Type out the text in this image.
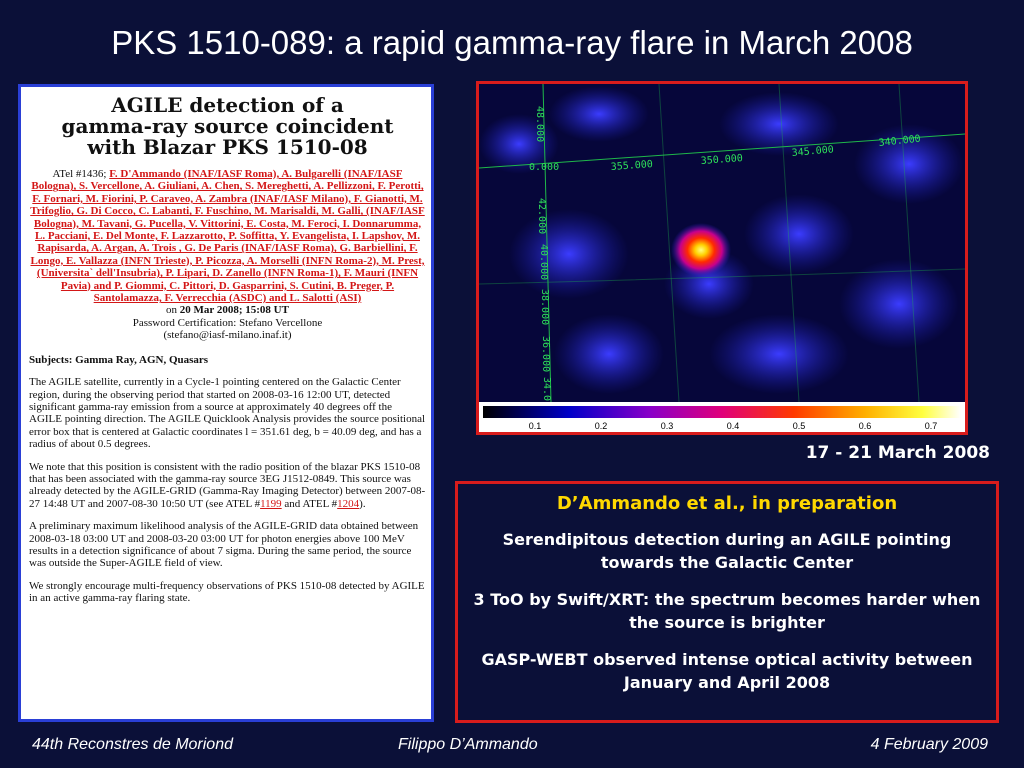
PKS 1510-089: a rapid gamma-ray flare in March 2008
AGILE detection of a
gamma-ray source coincident
with Blazar PKS 1510-08
ATel #1436; F. D'Ammando (INAF/IASF Roma), A. Bulgarelli (INAF/IASF Bologna), S. Vercellone, A. Giuliani, A. Chen, S. Mereghetti, A. Pellizzoni, F. Perotti, F. Fornari, M. Fiorini, P. Caraveo, A. Zambra (INAF/IASF Milano), F. Gianotti, M. Trifoglio, G. Di Cocco, C. Labanti, F. Fuschino, M. Marisaldi, M. Galli, (INAF/IASF Bologna), M. Tavani, G. Pucella, V. Vittorini, E. Costa, M. Feroci, I. Donnarumma, L. Pacciani, E. Del Monte, F. Lazzarotto, P. Soffitta, Y. Evangelista, I. Lapshov, M. Rapisarda, A. Argan, A. Trois , G. De Paris (INAF/IASF Roma), G. Barbiellini, F. Longo, E. Vallazza (INFN Trieste), P. Picozza, A. Morselli (INFN Roma-2), M. Prest, (Universita` dell'Insubria), P. Lipari, D. Zanello (INFN Roma-1), F. Mauri (INFN Pavia) and P. Giommi, C. Pittori, D. Gasparrini, S. Cutini, B. Preger, P. Santolamazza, F. Verrecchia (ASDC) and L. Salotti (ASI)
on 20 Mar 2008; 15:08 UT
Password Certification: Stefano Vercellone
(stefano@iasf-milano.inaf.it)
Subjects: Gamma Ray, AGN, Quasars

The AGILE satellite, currently in a Cycle-1 pointing centered on the Galactic Center region, during the observing period that started on 2008-03-16 12:00 UT, detected significant gamma-ray emission from a source at approximately 40 degrees off the AGILE pointing direction. The AGILE Quicklook Analysis provides the source positional error box that is centered at Galactic coordinates l = 351.61 deg, b = 40.09 deg, and has a radius of about 0.5 degrees.

We note that this position is consistent with the radio position of the blazar PKS 1510-08 that has been associated with the gamma-ray source 3EG J1512-0849. This source was already detected by the AGILE-GRID (Gamma-Ray Imaging Detector) between 2007-08-27 14:48 UT and 2007-08-30 10:50 UT (see ATEL #1199 and ATEL #1204).

A preliminary maximum likelihood analysis of the AGILE-GRID data obtained between 2008-03-18 03:00 UT and 2008-03-20 03:00 UT for photon energies above 100 MeV results in a detection significance of about 7 sigma. During the same period, the source was outside the Super-AGILE field of view.

We strongly encourage multi-frequency observations of PKS 1510-08 detected by AGILE in an active gamma-ray flaring state.

0.000	355.000	350.000
345.000
340.000
48.000
42.000
40.000
38.000
36.000
34.0
0.1	0.2	0.3	0.4	0.5	0.6	0.7
17 - 21 March 2008
D’Ammando et al., in preparation
Serendipitous detection during an AGILE pointing towards the Galactic Center
3 ToO by Swift/XRT: the spectrum becomes harder when the source is brighter
GASP-WEBT observed intense optical activity between January and April 2008
44th Reconstres de Moriond	Filippo D’Ammando	4 February 2009
